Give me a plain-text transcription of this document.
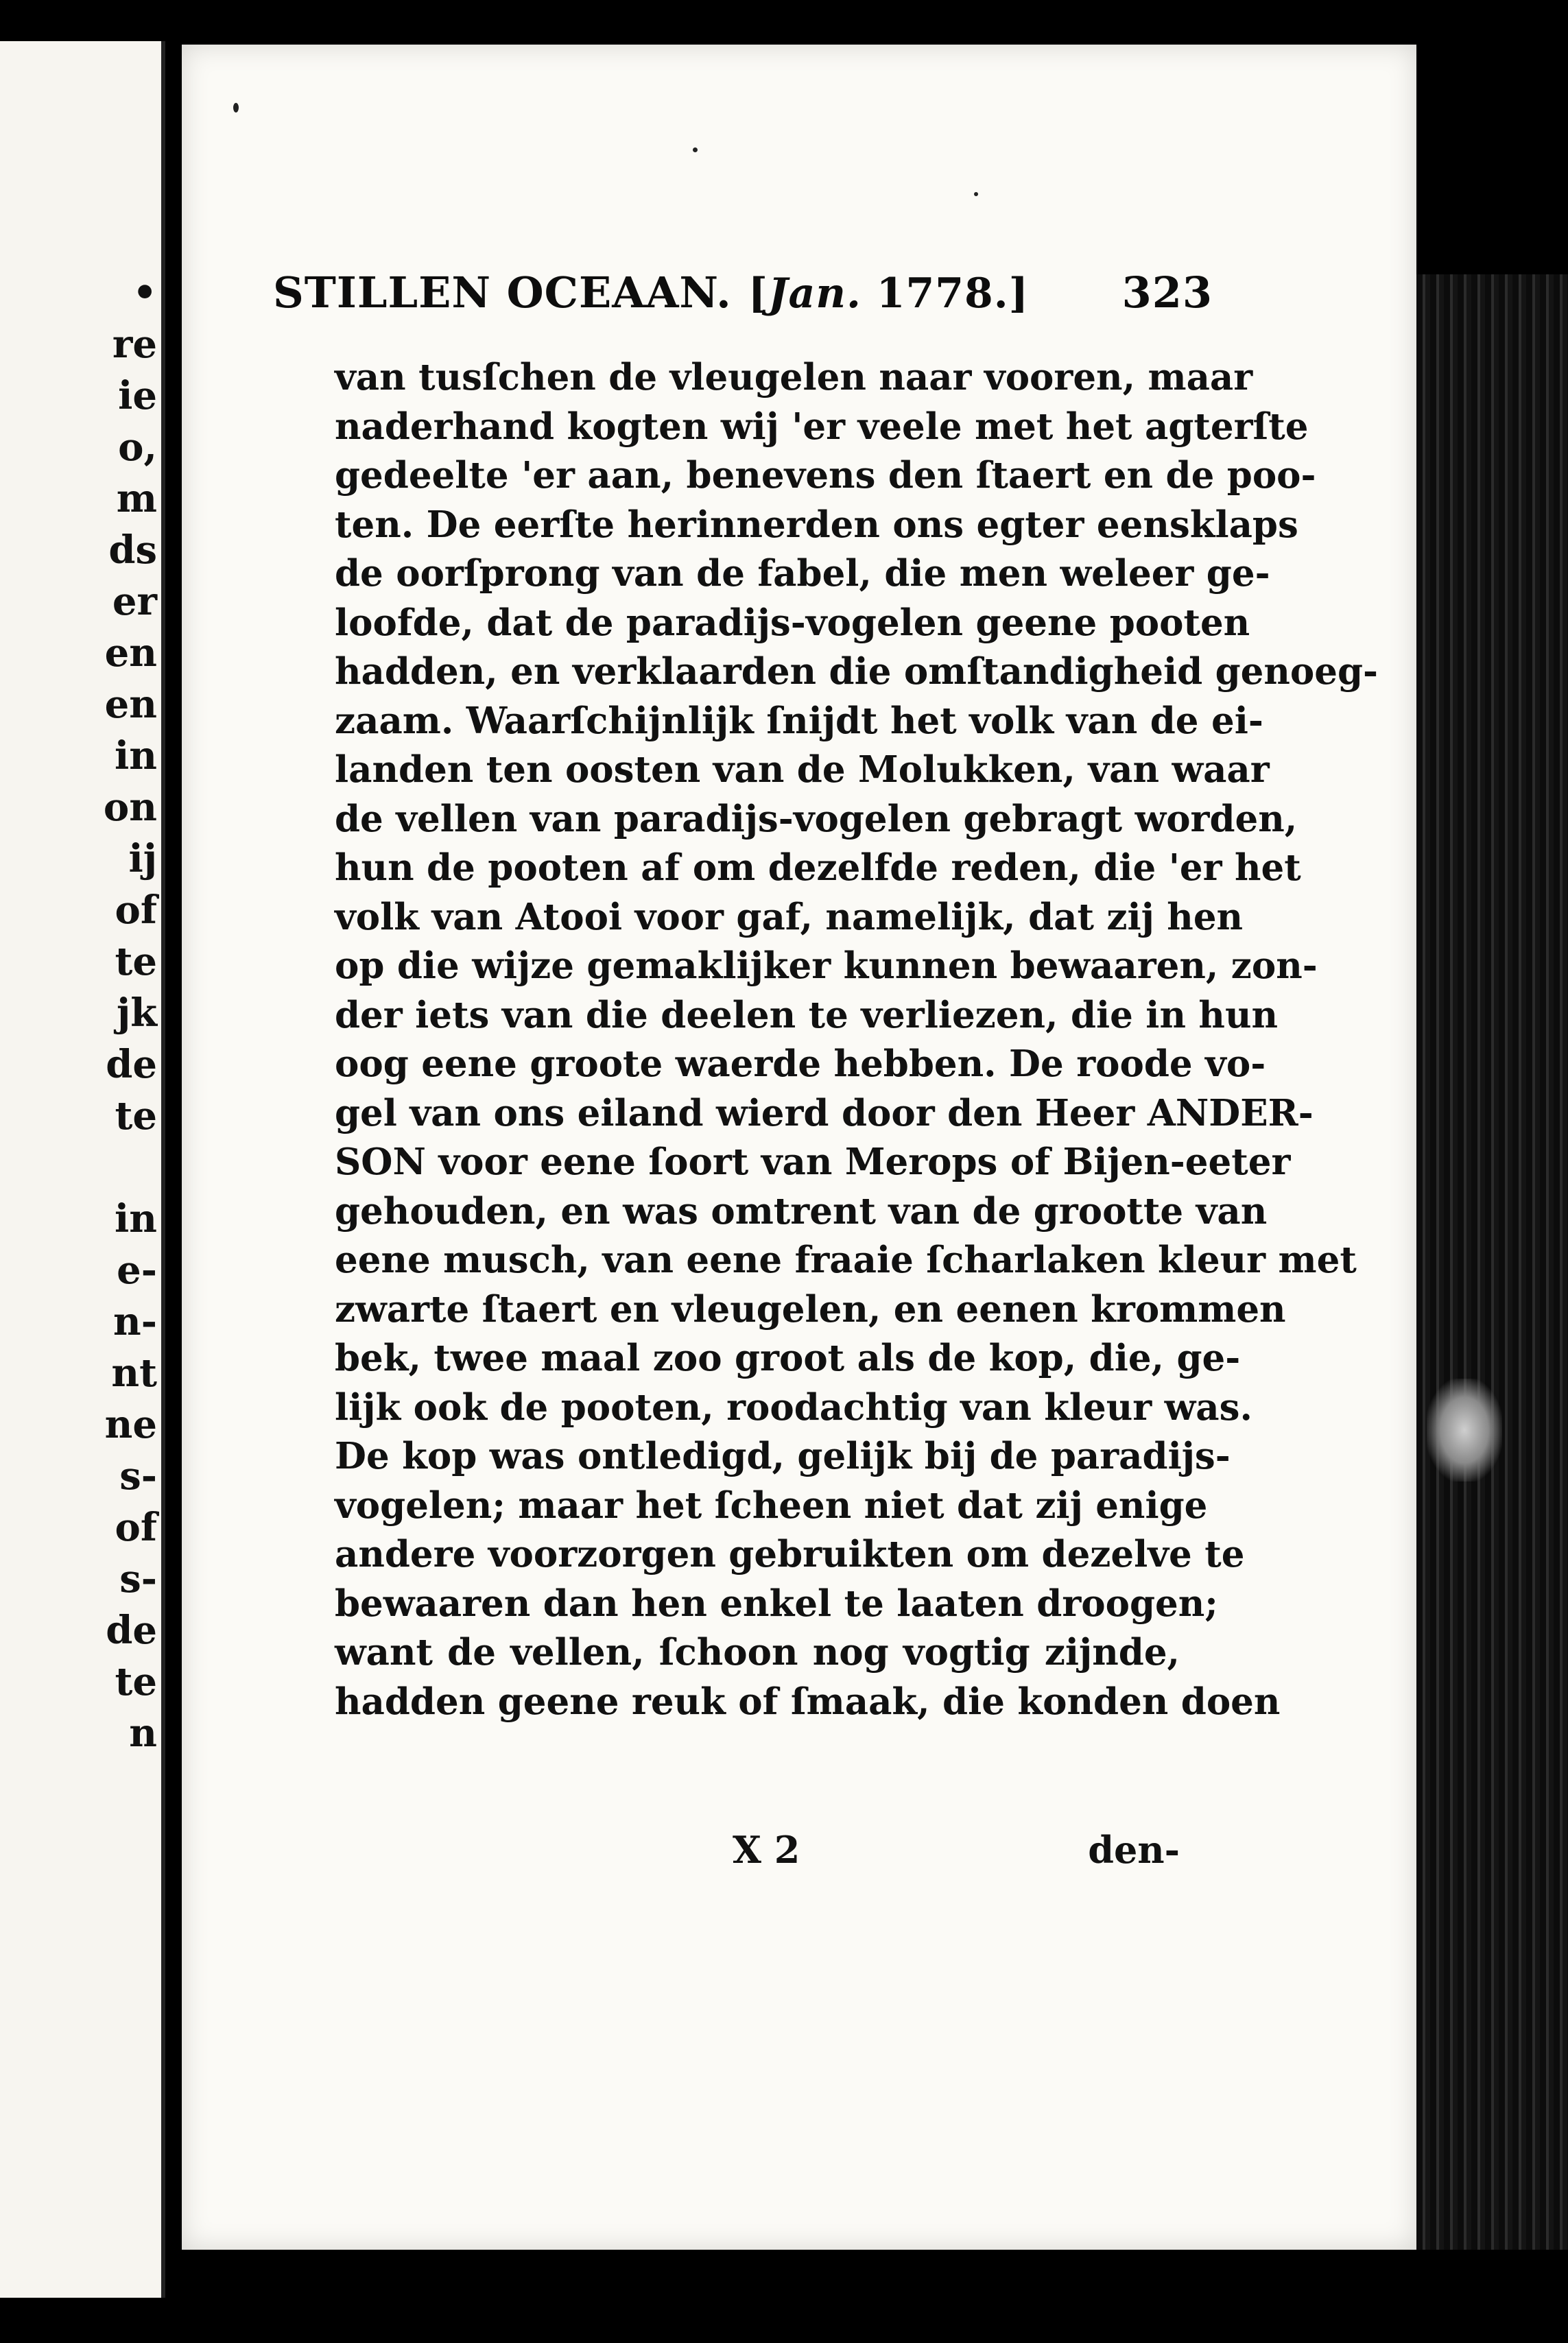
•
re
ie
o,
m
ds
er
en
en
in
on
ij
of
te
jk
de
te

in
e-
n-
nt
ne
s-
of
s-
de
te
n
STILLEN OCEAAN. [Jan. 1778.] 323
van tusſchen de vleugelen naar vooren, maar
naderhand kogten wij 'er veele met het agterſte
gedeelte 'er aan, benevens den ſtaert en de poo-
ten. De eerſte herinnerden ons egter eensklaps
de oorſprong van de fabel, die men weleer ge-
loofde, dat de paradijs-vogelen geene pooten
hadden, en verklaarden die omſtandigheid genoeg-
zaam. Waarſchijnlijk ſnijdt het volk van de ei-
landen ten oosten van de Molukken, van waar
de vellen van paradijs-vogelen gebragt worden,
hun de pooten af om dezelfde reden, die 'er het
volk van Atooi voor gaf, namelijk, dat zij hen
op die wijze gemaklijker kunnen bewaaren, zon-
der iets van die deelen te verliezen, die in hun
oog eene groote waerde hebben. De roode vo-
gel van ons eiland wierd door den Heer ANDER-
SON voor eene ſoort van Merops of Bijen-eeter
gehouden, en was omtrent van de grootte van
eene musch, van eene fraaie ſcharlaken kleur met
zwarte ſtaert en vleugelen, en eenen krommen
bek, twee maal zoo groot als de kop, die, ge-
lijk ook de pooten, roodachtig van kleur was.
De kop was ontledigd, gelijk bij de paradijs-
vogelen; maar het ſcheen niet dat zij enige
andere voorzorgen gebruikten om dezelve te
bewaaren dan hen enkel te laaten droogen;
want de vellen, ſchoon nog vogtig zijnde,
hadden geene reuk of ſmaak, die konden doen
X 2	den-
